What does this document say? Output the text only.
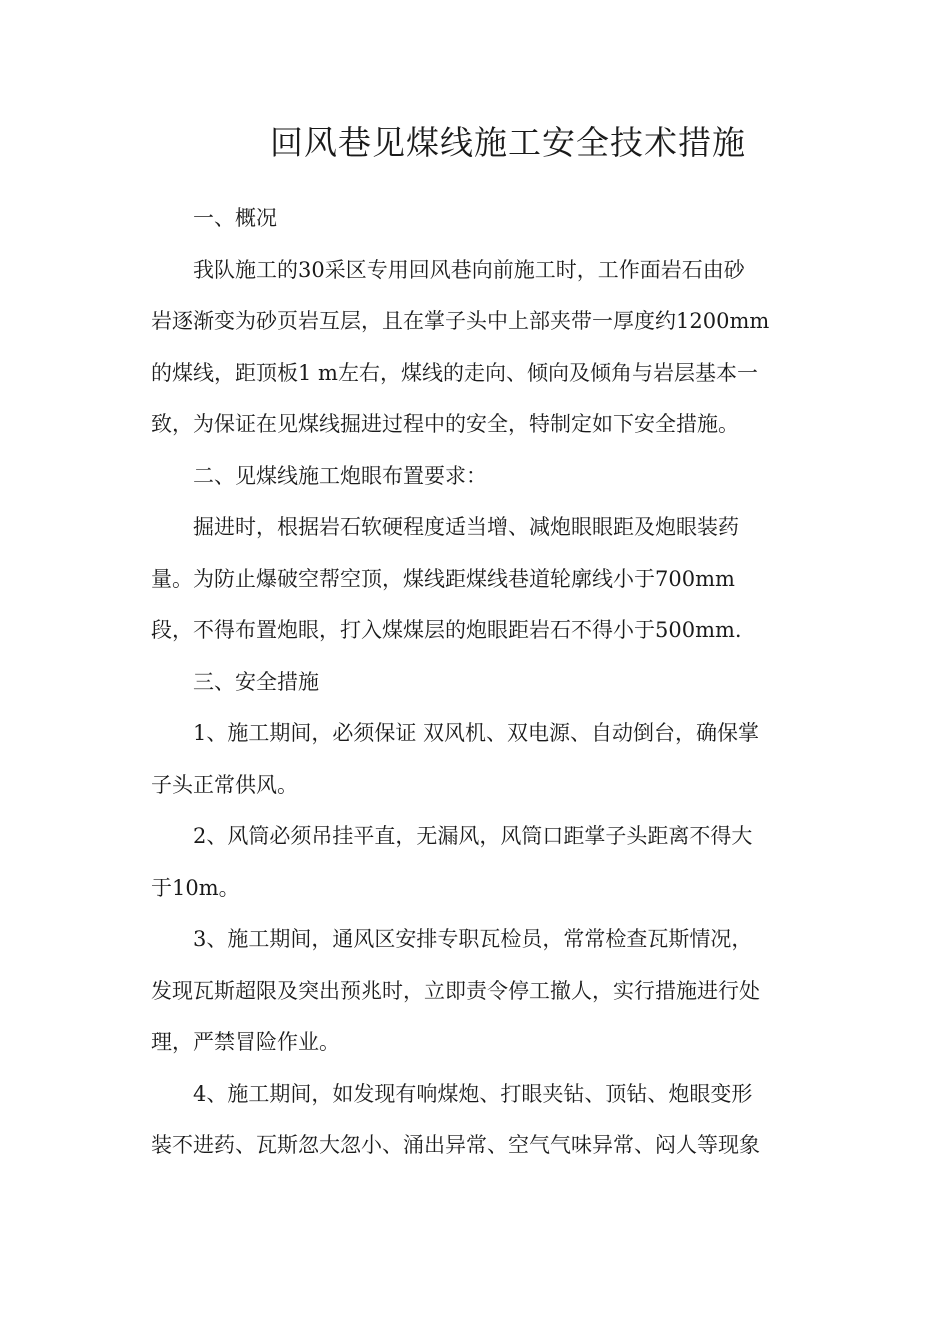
回风巷见煤线施工安全技术措施
一、概况
我队施工的30采区专用回风巷向前施工时，工作面岩石由砂
岩逐渐变为砂页岩互层，且在掌子头中上部夹带一厚度约1200mm
的煤线，距顶板1 m左右，煤线的走向、倾向及倾角与岩层基本一
致，为保证在见煤线掘进过程中的安全，特制定如下安全措施。
二、见煤线施工炮眼布置要求：
掘进时，根据岩石软硬程度适当增、减炮眼眼距及炮眼装药
量。为防止爆破空帮空顶，煤线距煤线巷道轮廓线小于700mm
段，不得布置炮眼，打入煤煤层的炮眼距岩石不得小于500mm.
三、安全措施
1、施工期间，必须保证 双风机、双电源、自动倒台，确保掌
子头正常供风。
2、风筒必须吊挂平直，无漏风，风筒口距掌子头距离不得大
于10m。
3、施工期间，通风区安排专职瓦检员，常常检查瓦斯情况，
发现瓦斯超限及突出预兆时，立即责令停工撤人，实行措施进行处
理，严禁冒险作业。
4、施工期间，如发现有响煤炮、打眼夹钻、顶钻、炮眼变形
装不进药、瓦斯忽大忽小、涌出异常、空气气味异常、闷人等现象
